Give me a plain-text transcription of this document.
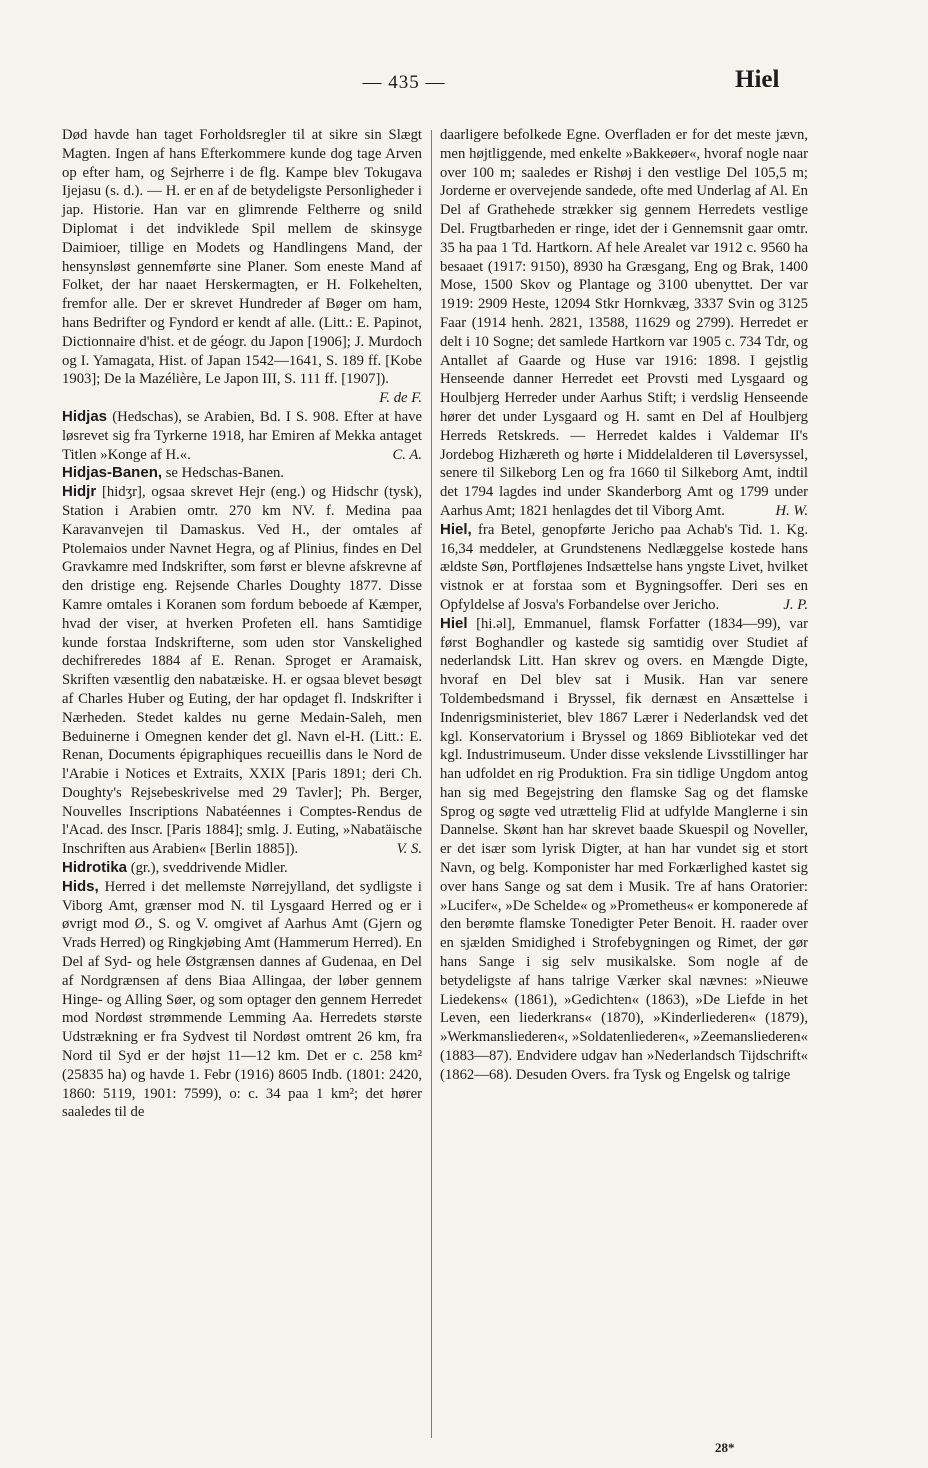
— 435 —	Hiel

Død havde han taget Forholdsregler til at sikre sin Slægt Magten. Ingen af hans Efterkommere kunde dog tage Arven op efter ham, og Sejrherre i de flg. Kampe blev Tokugava Ijejasu (s. d.). — H. er en af de betydeligste Personligheder i jap. Historie. Han var en glimrende Feltherre og snild Diplomat i det indviklede Spil mellem de skinsyge Daimioer, tillige en Modets og Handlingens Mand, der hensynsløst gennemførte sine Planer. Som eneste Mand af Folket, der har naaet Herskermagten, er H. Folkehelten, fremfor alle. Der er skrevet Hundreder af Bøger om ham, hans Bedrifter og Fyndord er kendt af alle. (Litt.: E. Papinot, Dictionnaire d'hist. et de géogr. du Japon [1906]; J. Murdoch og I. Yamagata, Hist. of Japan 1542—1641, S. 189 ff. [Kobe 1903]; De la Mazélière, Le Japon III, S. 111 ff. [1907]).
F. de F.

Hidjas (Hedschas), se Arabien, Bd. I S. 908. Efter at have løsrevet sig fra Tyrkerne 1918, har Emiren af Mekka antaget Titlen »Konge af H.«.	C. A.

Hidjas-Banen, se Hedschas-Banen.

Hidjr [hidʒr], ogsaa skrevet Hejr (eng.) og Hidschr (tysk), Station i Arabien omtr. 270 km NV. f. Medina paa Karavanvejen til Damaskus. Ved H., der omtales af Ptolemaios under Navnet Hegra, og af Plinius, findes en Del Gravkamre med Indskrifter, som først er blevne afskrevne af den dristige eng. Rejsende Charles Doughty 1877. Disse Kamre omtales i Koranen som fordum beboede af Kæmper, hvad der viser, at hverken Profeten ell. hans Samtidige kunde forstaa Indskrifterne, som uden stor Vanskelighed dechifreredes 1884 af E. Renan. Sproget er Aramaisk, Skriften væsentlig den nabatæiske. H. er ogsaa blevet besøgt af Charles Huber og Euting, der har opdaget fl. Indskrifter i Nærheden. Stedet kaldes nu gerne Medain-Saleh, men Beduinerne i Omegnen kender det gl. Navn el-H. (Litt.: E. Renan, Documents épigraphiques recueillis dans le Nord de l'Arabie i Notices et Extraits, XXIX [Paris 1891; deri Ch. Doughty's Rejsebeskrivelse med 29 Tavler]; Ph. Berger, Nouvelles Inscriptions Nabatéennes i Comptes-Rendus de l'Acad. des Inscr. [Paris 1884]; smlg. J. Euting, »Nabatäische Inschriften aus Arabien« [Berlin 1885]).	V. S.

Hidrotika (gr.), sveddrivende Midler.

Hids, Herred i det mellemste Nørrejylland, det sydligste i Viborg Amt, grænser mod N. til Lysgaard Herred og er i øvrigt mod Ø., S. og V. omgivet af Aarhus Amt (Gjern og Vrads Herred) og Ringkjøbing Amt (Hammerum Herred). En Del af Syd- og hele Østgrænsen dannes af Gudenaa, en Del af Nordgrænsen af dens Biaa Allingaa, der løber gennem Hinge- og Alling Søer, og som optager den gennem Herredet mod Nordøst strømmende Lemming Aa. Herredets største Udstrækning er fra Sydvest til Nordøst omtrent 26 km, fra Nord til Syd er der højst 11—12 km. Det er c. 258 km² (25835 ha) og havde 1. Febr (1916) 8605 Indb. (1801: 2420, 1860: 5119, 1901: 7599), o: c. 34 paa 1 km²; det hører saaledes til de

daarligere befolkede Egne. Overfladen er for det meste jævn, men højtliggende, med enkelte »Bakkeøer«, hvoraf nogle naar over 100 m; saaledes er Rishøj i den vestlige Del 105,5 m; Jorderne er overvejende sandede, ofte med Underlag af Al. En Del af Grathehede strækker sig gennem Herredets vestlige Del. Frugtbarheden er ringe, idet der i Gennemsnit gaar omtr. 35 ha paa 1 Td. Hartkorn. Af hele Arealet var 1912 c. 9560 ha besaaet (1917: 9150), 8930 ha Græsgang, Eng og Brak, 1400 Mose, 1500 Skov og Plantage og 3100 ubenyttet. Der var 1919: 2909 Heste, 12094 Stkr Hornkvæg, 3337 Svin og 3125 Faar (1914 henh. 2821, 13588, 11629 og 2799). Herredet er delt i 10 Sogne; det samlede Hartkorn var 1905 c. 734 Tdr, og Antallet af Gaarde og Huse var 1916: 1898. I gejstlig Henseende danner Herredet eet Provsti med Lysgaard og Houlbjerg Herreder under Aarhus Stift; i verdslig Henseende hører det under Lysgaard og H. samt en Del af Houlbjerg Herreds Retskreds. — Herredet kaldes i Valdemar II's Jordebog Hizhæreth og hørte i Middelalderen til Løversyssel, senere til Silkeborg Len og fra 1660 til Silkeborg Amt, indtil det 1794 lagdes ind under Skanderborg Amt og 1799 under Aarhus Amt; 1821 henlagdes det til Viborg Amt.	H. W.

Hiel, fra Betel, genopførte Jericho paa Achab's Tid. 1. Kg. 16,34 meddeler, at Grundstenens Nedlæggelse kostede hans ældste Søn, Portfløjenes Indsættelse hans yngste Livet, hvilket vistnok er at forstaa som et Bygningsoffer. Deri ses en Opfyldelse af Josva's Forbandelse over Jericho.	J. P.

Hiel [hi.ǝl], Emmanuel, flamsk Forfatter (1834—99), var først Boghandler og kastede sig samtidig over Studiet af nederlandsk Litt. Han skrev og overs. en Mængde Digte, hvoraf en Del blev sat i Musik. Han var senere Toldembedsmand i Bryssel, fik dernæst en Ansættelse i Indenrigsministeriet, blev 1867 Lærer i Nederlandsk ved det kgl. Konservatorium i Bryssel og 1869 Bibliotekar ved det kgl. Industrimuseum. Under disse vekslende Livsstillinger har han udfoldet en rig Produktion. Fra sin tidlige Ungdom antog han sig med Begejstring den flamske Sag og det flamske Sprog og søgte ved utrættelig Flid at udfylde Manglerne i sin Dannelse. Skønt han har skrevet baade Skuespil og Noveller, er det især som lyrisk Digter, at han har vundet sig et stort Navn, og belg. Komponister har med Forkærlighed kastet sig over hans Sange og sat dem i Musik. Tre af hans Oratorier: »Lucifer«, »De Schelde« og »Prometheus« er komponerede af den berømte flamske Tonedigter Peter Benoit. H. raader over en sjælden Smidighed i Strofebygningen og Rimet, der gør hans Sange i sig selv musikalske. Som nogle af de betydeligste af hans talrige Værker skal nævnes: »Nieuwe Liedekens« (1861), »Gedichten« (1863), »De Liefde in het Leven, een liederkrans« (1870), »Kinderliederen« (1879), »Werkmansliederen«, »Soldatenliederen«, »Zeemansliederen« (1883—87). Endvidere udgav han »Nederlandsch Tijdschrift« (1862—68). Desuden Overs. fra Tysk og Engelsk og talrige

28*
